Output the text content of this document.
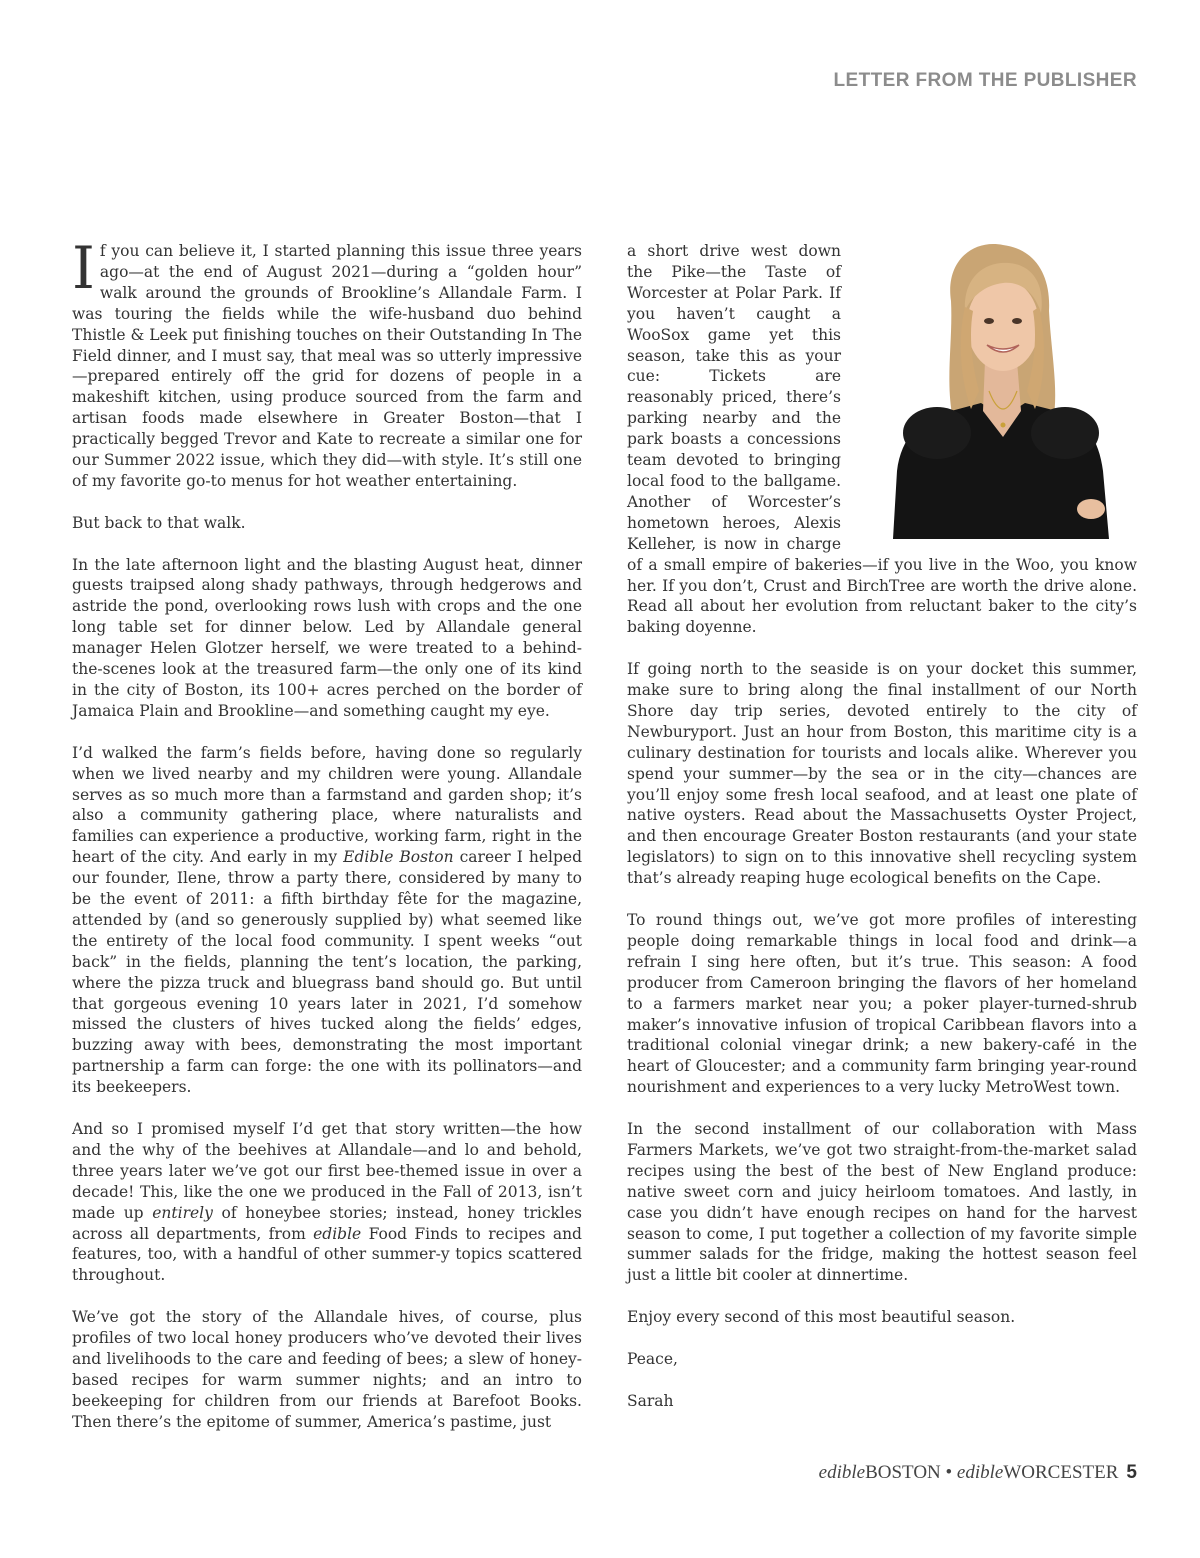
LETTER FROM THE PUBLISHER

If you can believe it, I started planning this issue three years ago—at the end of August 2021—during a “golden hour” walk around the grounds of Brookline’s Allandale Farm. I was touring the fields while the wife-husband duo behind Thistle & Leek put finishing touches on their Outstanding In The Field dinner, and I must say, that meal was so utterly impressive—prepared entirely off the grid for dozens of people in a makeshift kitchen, using produce sourced from the farm and artisan foods made elsewhere in Greater Boston—that I practically begged Trevor and Kate to recreate a similar one for our Summer 2022 issue, which they did—with style. It’s still one of my favorite go-to menus for hot weather entertaining.

But back to that walk.

In the late afternoon light and the blasting August heat, dinner guests traipsed along shady pathways, through hedgerows and astride the pond, overlooking rows lush with crops and the one long table set for dinner below. Led by Allandale general manager Helen Glotzer herself, we were treated to a behind-the-scenes look at the treasured farm—the only one of its kind in the city of Boston, its 100+ acres perched on the border of Jamaica Plain and Brookline—and something caught my eye.

I’d walked the farm’s fields before, having done so regularly when we lived nearby and my children were young. Allandale serves as so much more than a farmstand and garden shop; it’s also a community gathering place, where naturalists and families can experience a productive, working farm, right in the heart of the city. And early in my Edible Boston career I helped our founder, Ilene, throw a party there, considered by many to be the event of 2011: a fifth birthday fête for the magazine, attended by (and so generously supplied by) what seemed like the entirety of the local food community. I spent weeks “out back” in the fields, planning the tent’s location, the parking, where the pizza truck and bluegrass band should go. But until that gorgeous evening 10 years later in 2021, I’d somehow missed the clusters of hives tucked along the fields’ edges, buzzing away with bees, demonstrating the most important partnership a farm can forge: the one with its pollinators—and its beekeepers.

And so I promised myself I’d get that story written—the how and the why of the beehives at Allandale—and lo and behold, three years later we’ve got our first bee-themed issue in over a decade! This, like the one we produced in the Fall of 2013, isn’t made up entirely of honeybee stories; instead, honey trickles across all departments, from edible Food Finds to recipes and features, too, with a handful of other summer-y topics scattered throughout.

We’ve got the story of the Allandale hives, of course, plus profiles of two local honey producers who’ve devoted their lives and livelihoods to the care and feeding of bees; a slew of honey-based recipes for warm summer nights; and an intro to beekeeping for children from our friends at Barefoot Books. Then there’s the epitome of summer, America’s pastime, just

a short drive west down the Pike—the Taste of Worcester at Polar Park. If you haven’t caught a WooSox game yet this season, take this as your cue: Tickets are reasonably priced, there’s parking nearby and the park boasts a concessions team devoted to bringing local food to the ballgame. Another of Worcester’s hometown heroes, Alexis Kelleher, is now in charge of a small empire of bakeries—if you live in the Woo, you know her. If you don’t, Crust and BirchTree are worth the drive alone. Read all about her evolution from reluctant baker to the city’s baking doyenne.

If going north to the seaside is on your docket this summer, make sure to bring along the final installment of our North Shore day trip series, devoted entirely to the city of Newburyport. Just an hour from Boston, this maritime city is a culinary destination for tourists and locals alike. Wherever you spend your summer—by the sea or in the city—chances are you’ll enjoy some fresh local seafood, and at least one plate of native oysters. Read about the Massachusetts Oyster Project, and then encourage Greater Boston restaurants (and your state legislators) to sign on to this innovative shell recycling system that’s already reaping huge ecological benefits on the Cape.

To round things out, we’ve got more profiles of interesting people doing remarkable things in local food and drink—a refrain I sing here often, but it’s true. This season: A food producer from Cameroon bringing the flavors of her homeland to a farmers market near you; a poker player-turned-shrub maker’s innovative infusion of tropical Caribbean flavors into a traditional colonial vinegar drink; a new bakery-café in the heart of Gloucester; and a community farm bringing year-round nourishment and experiences to a very lucky MetroWest town.

In the second installment of our collaboration with Mass Farmers Markets, we’ve got two straight-from-the-market salad recipes using the best of the best of New England produce: native sweet corn and juicy heirloom tomatoes. And lastly, in case you didn’t have enough recipes on hand for the harvest season to come, I put together a collection of my favorite simple summer salads for the fridge, making the hottest season feel just a little bit cooler at dinnertime.

Enjoy every second of this most beautiful season.

Peace,

Sarah

edibleBOSTON • edibleWORCESTER 5
